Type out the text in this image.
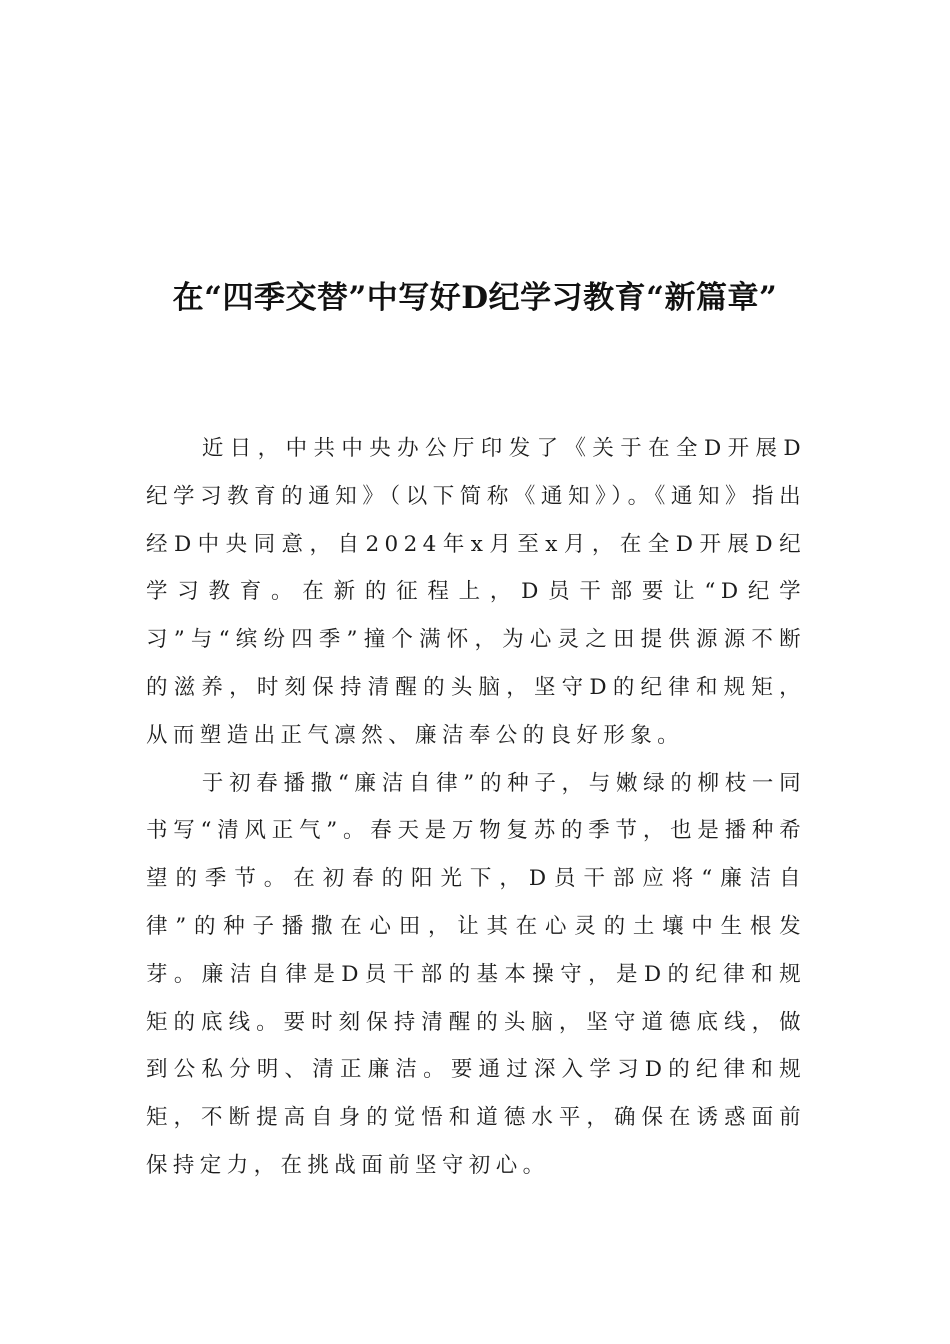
在“四季交替”中写好D纪学习教育“新篇章”

近日，中共中央办公厅印发了《关于在全D开展D纪学习教育的通知》（以下简称《通知》）。《通知》指出经D中央同意，自2024年x月至x月，在全D开展D纪学习教育。在新的征程上，D员干部要让“D纪学习”与“缤纷四季”撞个满怀，为心灵之田提供源源不断的滋养，时刻保持清醒的头脑，坚守D的纪律和规矩，从而塑造出正气凛然、廉洁奉公的良好形象。

于初春播撒“廉洁自律”的种子，与嫩绿的柳枝一同书写“清风正气”。春天是万物复苏的季节，也是播种希望的季节。在初春的阳光下，D员干部应将“廉洁自律”的种子播撒在心田，让其在心灵的土壤中生根发芽。廉洁自律是D员干部的基本操守，是D的纪律和规矩的底线。要时刻保持清醒的头脑，坚守道德底线，做到公私分明、清正廉洁。要通过深入学习D的纪律和规矩，不断提高自身的觉悟和道德水平，确保在诱惑面前保持定力，在挑战面前坚守初心。
